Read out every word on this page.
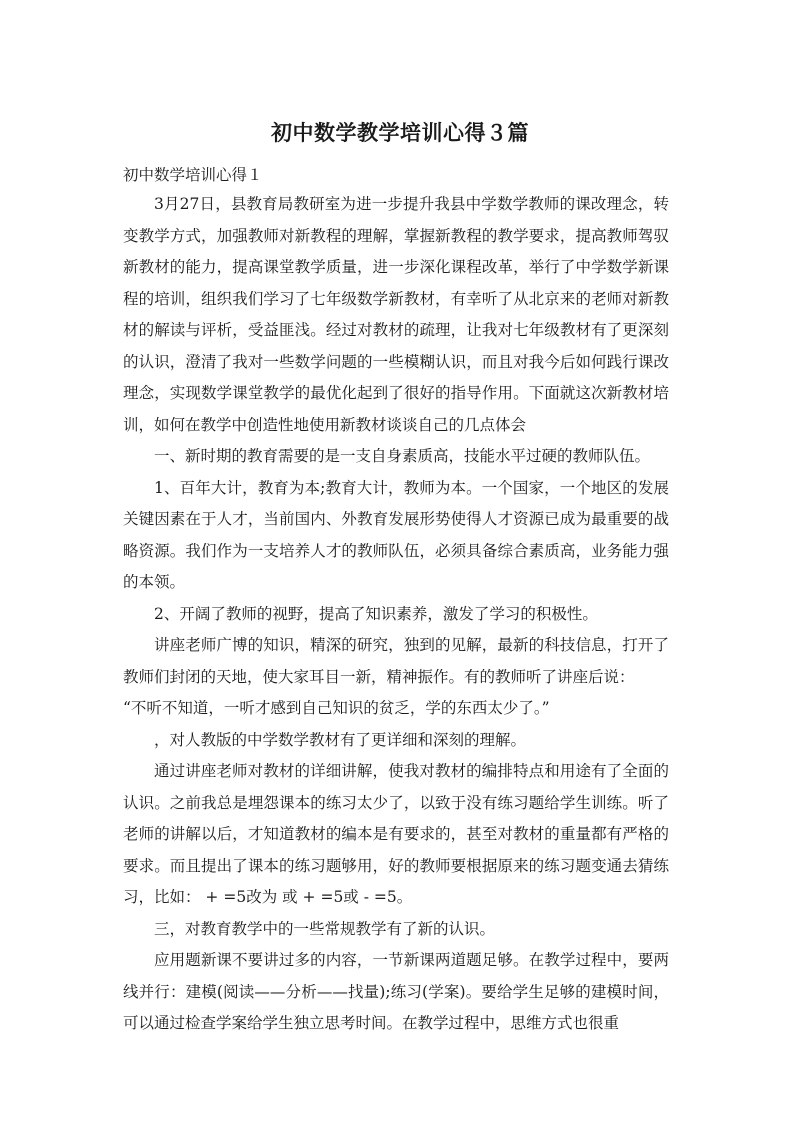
初中数学教学培训心得３篇

初中数学培训心得１

3月27日，县教育局教研室为进一步提升我县中学数学教师的课改理念，转变教学方式，加强教师对新教程的理解，掌握新教程的教学要求，提高教师驾驭新教材的能力，提高课堂教学质量，进一步深化课程改革，举行了中学数学新课程的培训，组织我们学习了七年级数学新教材，有幸听了从北京来的老师对新教材的解读与评析，受益匪浅。经过对教材的疏理，让我对七年级教材有了更深刻的认识，澄清了我对一些数学问题的一些模糊认识，而且对我今后如何践行课改理念，实现数学课堂教学的最优化起到了很好的指导作用。下面就这次新教材培训，如何在教学中创造性地使用新教材谈谈自己的几点体会

一、新时期的教育需要的是一支自身素质高，技能水平过硬的教师队伍。

1、百年大计，教育为本;教育大计，教师为本。一个国家，一个地区的发展关键因素在于人才，当前国内、外教育发展形势使得人才资源已成为最重要的战略资源。我们作为一支培养人才的教师队伍，必须具备综合素质高，业务能力强的本领。

2、开阔了教师的视野，提高了知识素养，激发了学习的积极性。

讲座老师广博的知识，精深的研究，独到的见解，最新的科技信息，打开了教师们封闭的天地，使大家耳目一新，精神振作。有的教师听了讲座后说：

“不听不知道，一听才感到自己知识的贫乏，学的东西太少了。”

，对人教版的中学数学教材有了更详细和深刻的理解。

通过讲座老师对教材的详细讲解，使我对教材的编排特点和用途有了全面的认识。之前我总是埋怨课本的练习太少了，以致于没有练习题给学生训练。听了老师的讲解以后，才知道教材的编本是有要求的，甚至对教材的重量都有严格的要求。而且提出了课本的练习题够用，好的教师要根据原来的练习题变通去猜练习，比如： + =5改为 或 + =5或 - =5。

三，对教育教学中的一些常规教学有了新的认识。

应用题新课不要讲过多的内容，一节新课两道题足够。在教学过程中，要两线并行：建模(阅读——分析——找量);练习(学案)。要给学生足够的建模时间，可以通过检查学案给学生独立思考时间。在教学过程中，思维方式也很重
